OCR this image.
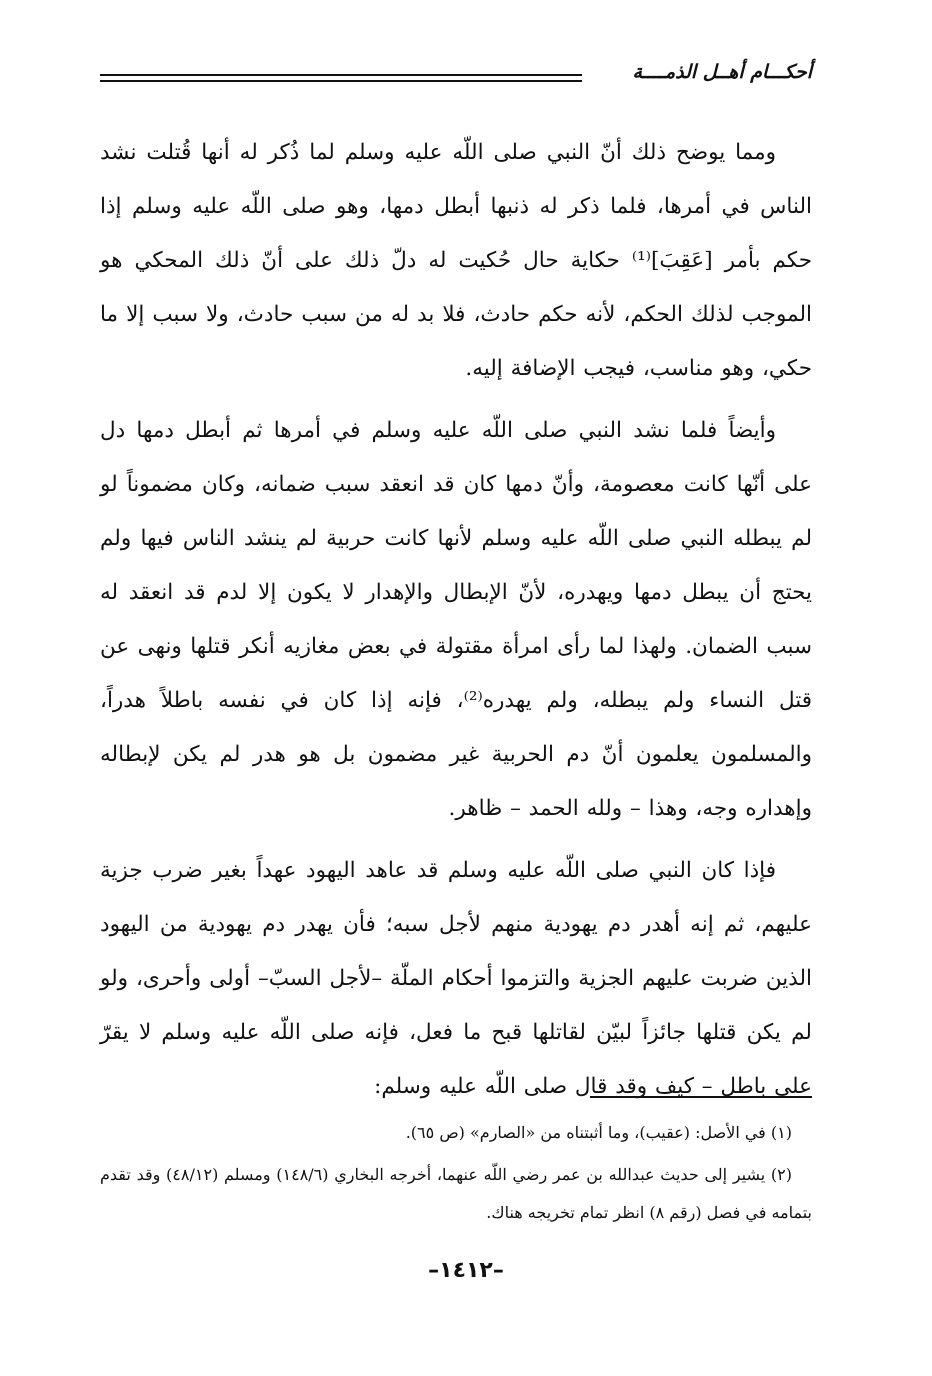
أحكـــام أهــل الذمــــة

ومما يوضح ذلك أنّ النبي صلى اللّه عليه وسلم لما ذُكر له أنها قُتلت نشد الناس في أمرها، فلما ذكر له ذنبها أبطل دمها، وهو صلى اللّه عليه وسلم إذا حكم بأمر [عَقِبَ]⁽¹⁾ حكاية حال حُكيت له دلّ ذلك على أنّ ذلك المحكي هو الموجب لذلك الحكم، لأنه حكم حادث، فلا بد له من سبب حادث، ولا سبب إلا ما حكي، وهو مناسب، فيجب الإضافة إليه.

وأيضاً فلما نشد النبي صلى اللّه عليه وسلم في أمرها ثم أبطل دمها دل على أنّها كانت معصومة، وأنّ دمها كان قد انعقد سبب ضمانه، وكان مضموناً لو لم يبطله النبي صلى اللّه عليه وسلم لأنها كانت حربية لم ينشد الناس فيها ولم يحتج أن يبطل دمها ويهدره، لأنّ الإبطال والإهدار لا يكون إلا لدم قد انعقد له سبب الضمان. ولهذا لما رأى امرأة مقتولة في بعض مغازيه أنكر قتلها ونهى عن قتل النساء ولم يبطله، ولم يهدره⁽²⁾، فإنه إذا كان في نفسه باطلاً هدراً، والمسلمون يعلمون أنّ دم الحربية غير مضمون بل هو هدر لم يكن لإبطاله وإهداره وجه، وهذا – ولله الحمد – ظاهر.

فإذا كان النبي صلى اللّه عليه وسلم قد عاهد اليهود عهداً بغير ضرب جزية عليهم، ثم إنه أهدر دم يهودية منهم لأجل سبه؛ فأن يهدر دم يهودية من اليهود الذين ضربت عليهم الجزية والتزموا أحكام الملّة –لأجل السبّ– أولى وأحرى، ولو لم يكن قتلها جائزاً لبيّن لقاتلها قبح ما فعل، فإنه صلى اللّه عليه وسلم لا يقرّ على باطل – كيف وقد قال صلى اللّه عليه وسلم:

(١) في الأصل: (عقيب)، وما أثبتناه من «الصارم» (ص ٦٥).

(٢) يشير إلى حديث عبدالله بن عمر رضي اللّه عنهما، أخرجه البخاري (١٤٨/٦) ومسلم (٤٨/١٢) وقد تقدم بتمامه في فصل (رقم ٨) انظر تمام تخريجه هناك.

–١٤١٢–
